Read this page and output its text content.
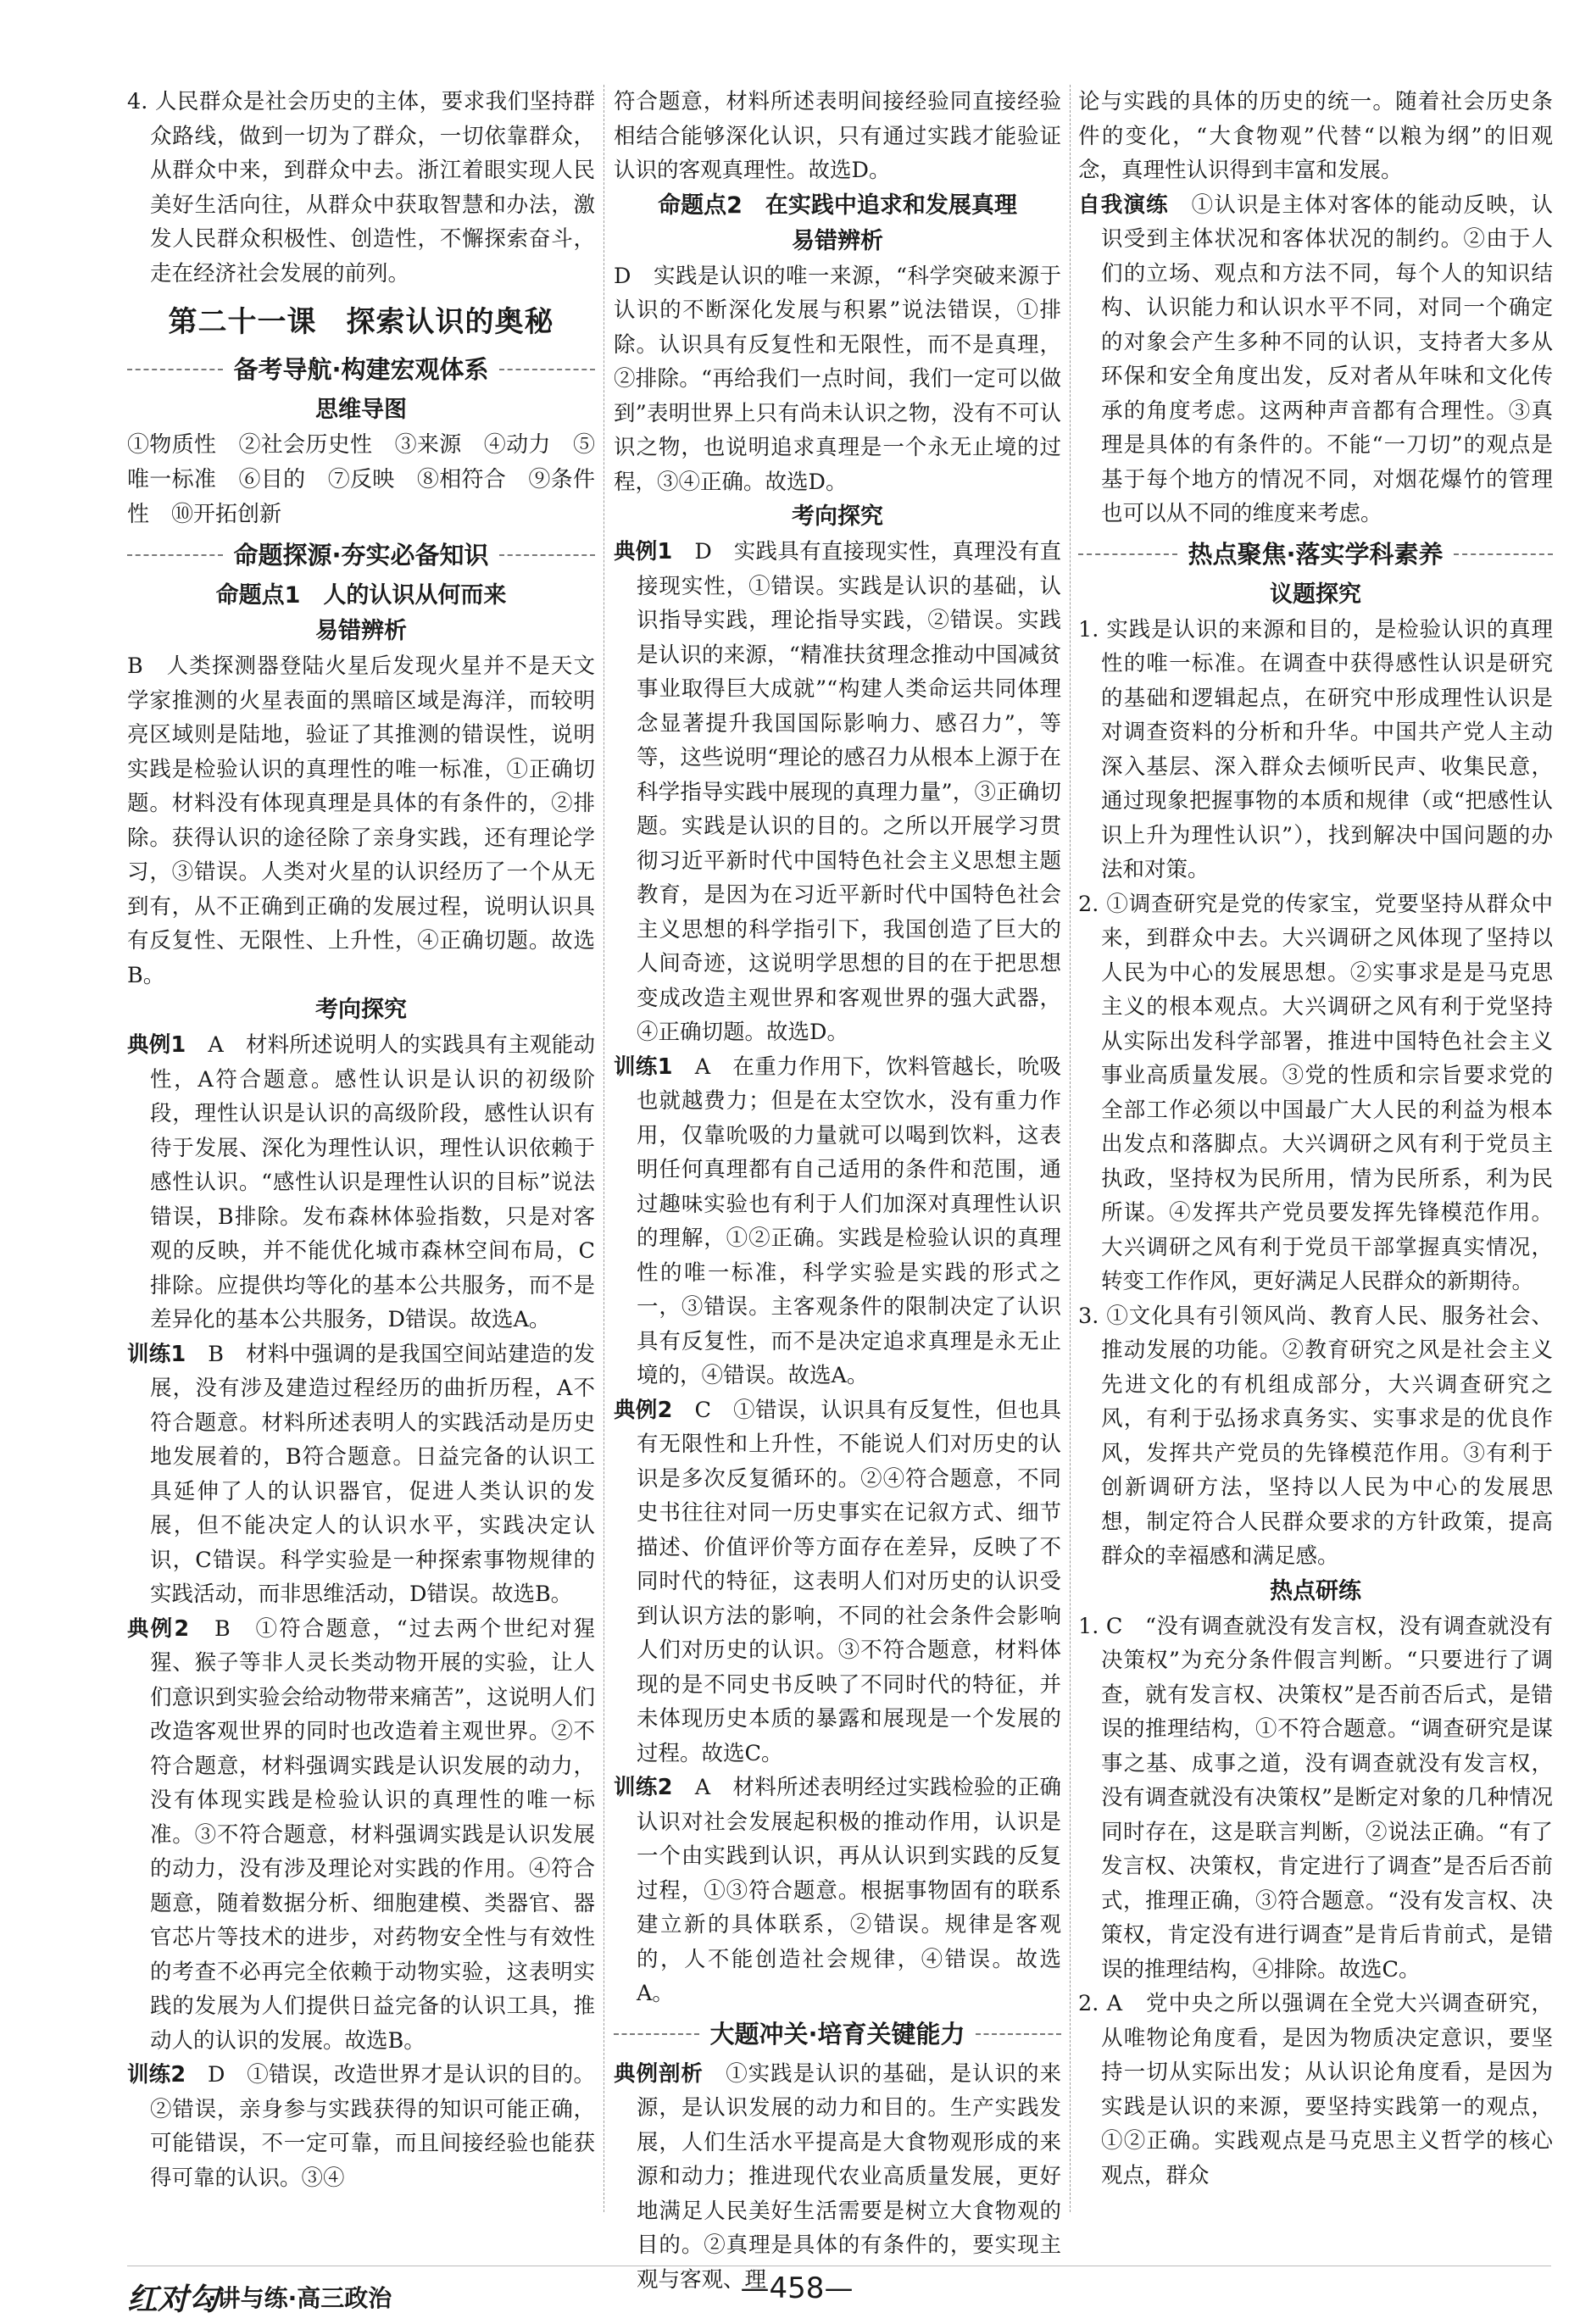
4. 人民群众是社会历史的主体，要求我们坚持群众路线，做到一切为了群众，一切依靠群众，从群众中来，到群众中去。浙江着眼实现人民美好生活向往，从群众中获取智慧和办法，激发人民群众积极性、创造性，不懈探索奋斗，走在经济社会发展的前列。

第二十一课　探索认识的奥秘
备考导航·构建宏观体系
思维导图

①物质性　②社会历史性　③来源　④动力　⑤唯一标准　⑥目的　⑦反映　⑧相符合　⑨条件性　⑩开拓创新

命题探源·夯实必备知识
命题点1　人的认识从何而来
易错辨析

B　人类探测器登陆火星后发现火星并不是天文学家推测的火星表面的黑暗区域是海洋，而较明亮区域则是陆地，验证了其推测的错误性，说明实践是检验认识的真理性的唯一标准，①正确切题。材料没有体现真理是具体的有条件的，②排除。获得认识的途径除了亲身实践，还有理论学习，③错误。人类对火星的认识经历了一个从无到有，从不正确到正确的发展过程，说明认识具有反复性、无限性、上升性，④正确切题。故选B。

考向探究

典例1　 A　材料所述说明人的实践具有主观能动性，A符合题意。感性认识是认识的初级阶段，理性认识是认识的高级阶段，感性认识有待于发展、深化为理性认识，理性认识依赖于感性认识。“感性认识是理性认识的目标”说法错误，B排除。发布森林体验指数，只是对客观的反映，并不能优化城市森林空间布局，C排除。应提供均等化的基本公共服务，而不是差异化的基本公共服务，D错误。故选A。

训练1　 B　材料中强调的是我国空间站建造的发展，没有涉及建造过程经历的曲折历程，A不符合题意。材料所述表明人的实践活动是历史地发展着的，B符合题意。日益完备的认识工具延伸了人的认识器官，促进人类认识的发展，但不能决定人的认识水平，实践决定认识，C错误。科学实验是一种探索事物规律的实践活动，而非思维活动，D错误。故选B。

典例2　 B　①符合题意，“过去两个世纪对猩猩、猴子等非人灵长类动物开展的实验，让人们意识到实验会给动物带来痛苦”，这说明人们改造客观世界的同时也改造着主观世界。②不符合题意，材料强调实践是认识发展的动力，没有体现实践是检验认识的真理性的唯一标准。③不符合题意，材料强调实践是认识发展的动力，没有涉及理论对实践的作用。④符合题意，随着数据分析、细胞建模、类器官、器官芯片等技术的进步，对药物安全性与有效性的考查不必再完全依赖于动物实验，这表明实践的发展为人们提供日益完备的认识工具，推动人的认识的发展。故选B。

训练2　 D　①错误，改造世界才是认识的目的。②错误，亲身参与实践获得的知识可能正确，可能错误，不一定可靠，而且间接经验也能获得可靠的认识。③④

符合题意，材料所述表明间接经验同直接经验相结合能够深化认识，只有通过实践才能验证认识的客观真理性。故选D。

命题点2　在实践中追求和发展真理
易错辨析

D　实践是认识的唯一来源，“科学突破来源于认识的不断深化发展与积累”说法错误，①排除。认识具有反复性和无限性，而不是真理，②排除。“再给我们一点时间，我们一定可以做到”表明世界上只有尚未认识之物，没有不可认识之物，也说明追求真理是一个永无止境的过程，③④正确。故选D。

考向探究

典例1　 D　实践具有直接现实性，真理没有直接现实性，①错误。实践是认识的基础，认识指导实践，理论指导实践，②错误。实践是认识的来源，“精准扶贫理念推动中国减贫事业取得巨大成就”“构建人类命运共同体理念显著提升我国国际影响力、感召力”，等等，这些说明“理论的感召力从根本上源于在科学指导实践中展现的真理力量”，③正确切题。实践是认识的目的。之所以开展学习贯彻习近平新时代中国特色社会主义思想主题教育，是因为在习近平新时代中国特色社会主义思想的科学指引下，我国创造了巨大的人间奇迹，这说明学思想的目的在于把思想变成改造主观世界和客观世界的强大武器，④正确切题。故选D。

训练1　 A　在重力作用下，饮料管越长，吮吸也就越费力；但是在太空饮水，没有重力作用，仅靠吮吸的力量就可以喝到饮料，这表明任何真理都有自己适用的条件和范围，通过趣味实验也有利于人们加深对真理性认识的理解，①②正确。实践是检验认识的真理性的唯一标准，科学实验是实践的形式之一，③错误。主客观条件的限制决定了认识具有反复性，而不是决定追求真理是永无止境的，④错误。故选A。

典例2　 C　①错误，认识具有反复性，但也具有无限性和上升性，不能说人们对历史的认识是多次反复循环的。②④符合题意，不同史书往往对同一历史事实在记叙方式、细节描述、价值评价等方面存在差异，反映了不同时代的特征，这表明人们对历史的认识受到认识方法的影响，不同的社会条件会影响人们对历史的认识。③不符合题意，材料体现的是不同史书反映了不同时代的特征，并未体现历史本质的暴露和展现是一个发展的过程。故选C。

训练2　 A　材料所述表明经过实践检验的正确认识对社会发展起积极的推动作用，认识是一个由实践到认识，再从认识到实践的反复过程，①③符合题意。根据事物固有的联系建立新的具体联系，②错误。规律是客观的，人不能创造社会规律，④错误。故选A。

大题冲关·培育关键能力

典例剖析　 ①实践是认识的基础，是认识的来源，是认识发展的动力和目的。生产实践发展，人们生活水平提高是大食物观形成的来源和动力；推进现代农业高质量发展，更好地满足人民美好生活需要是树立大食物观的目的。②真理是具体的有条件的，要实现主观与客观、理

论与实践的具体的历史的统一。随着社会历史条件的变化，“大食物观”代替“以粮为纲”的旧观念，真理性认识得到丰富和发展。

自我演练　 ①认识是主体对客体的能动反映，认识受到主体状况和客体状况的制约。②由于人们的立场、观点和方法不同，每个人的知识结构、认识能力和认识水平不同，对同一个确定的对象会产生多种不同的认识，支持者大多从环保和安全角度出发，反对者从年味和文化传承的角度考虑。这两种声音都有合理性。③真理是具体的有条件的。不能“一刀切”的观点是基于每个地方的情况不同，对烟花爆竹的管理也可以从不同的维度来考虑。

热点聚焦·落实学科素养
议题探究

1. 实践是认识的来源和目的，是检验认识的真理性的唯一标准。在调查中获得感性认识是研究的基础和逻辑起点，在研究中形成理性认识是对调查资料的分析和升华。中国共产党人主动深入基层、深入群众去倾听民声、收集民意，通过现象把握事物的本质和规律（或“把感性认识上升为理性认识”），找到解决中国问题的办法和对策。

2. ①调查研究是党的传家宝，党要坚持从群众中来，到群众中去。大兴调研之风体现了坚持以人民为中心的发展思想。②实事求是是马克思主义的根本观点。大兴调研之风有利于党坚持从实际出发科学部署，推进中国特色社会主义事业高质量发展。③党的性质和宗旨要求党的全部工作必须以中国最广大人民的利益为根本出发点和落脚点。大兴调研之风有利于党员主执政，坚持权为民所用，情为民所系，利为民所谋。④发挥共产党员要发挥先锋模范作用。大兴调研之风有利于党员干部掌握真实情况，转变工作作风，更好满足人民群众的新期待。

3. ①文化具有引领风尚、教育人民、服务社会、推动发展的功能。②教育研究之风是社会主义先进文化的有机组成部分，大兴调查研究之风，有利于弘扬求真务实、实事求是的优良作风，发挥共产党员的先锋模范作用。③有利于创新调研方法，坚持以人民为中心的发展思想，制定符合人民群众要求的方针政策，提高群众的幸福感和满足感。

热点研练

1. C　“没有调查就没有发言权，没有调查就没有决策权”为充分条件假言判断。“只要进行了调查，就有发言权、决策权”是否前否后式，是错误的推理结构，①不符合题意。“调查研究是谋事之基、成事之道，没有调查就没有发言权，没有调查就没有决策权”是断定对象的几种情况同时存在，这是联言判断，②说法正确。“有了发言权、决策权，肯定进行了调查”是否后否前式，推理正确，③符合题意。“没有发言权、决策权，肯定没有进行调查”是肯后肯前式，是错误的推理结构，④排除。故选C。

2. A　党中央之所以强调在全党大兴调查研究，从唯物论角度看，是因为物质决定意识，要坚持一切从实际出发；从认识论角度看，是因为实践是认识的来源，要坚持实践第一的观点，①②正确。实践观点是马克思主义哲学的核心观点，群众

红对勾
·讲与练·高三政治	—458—
